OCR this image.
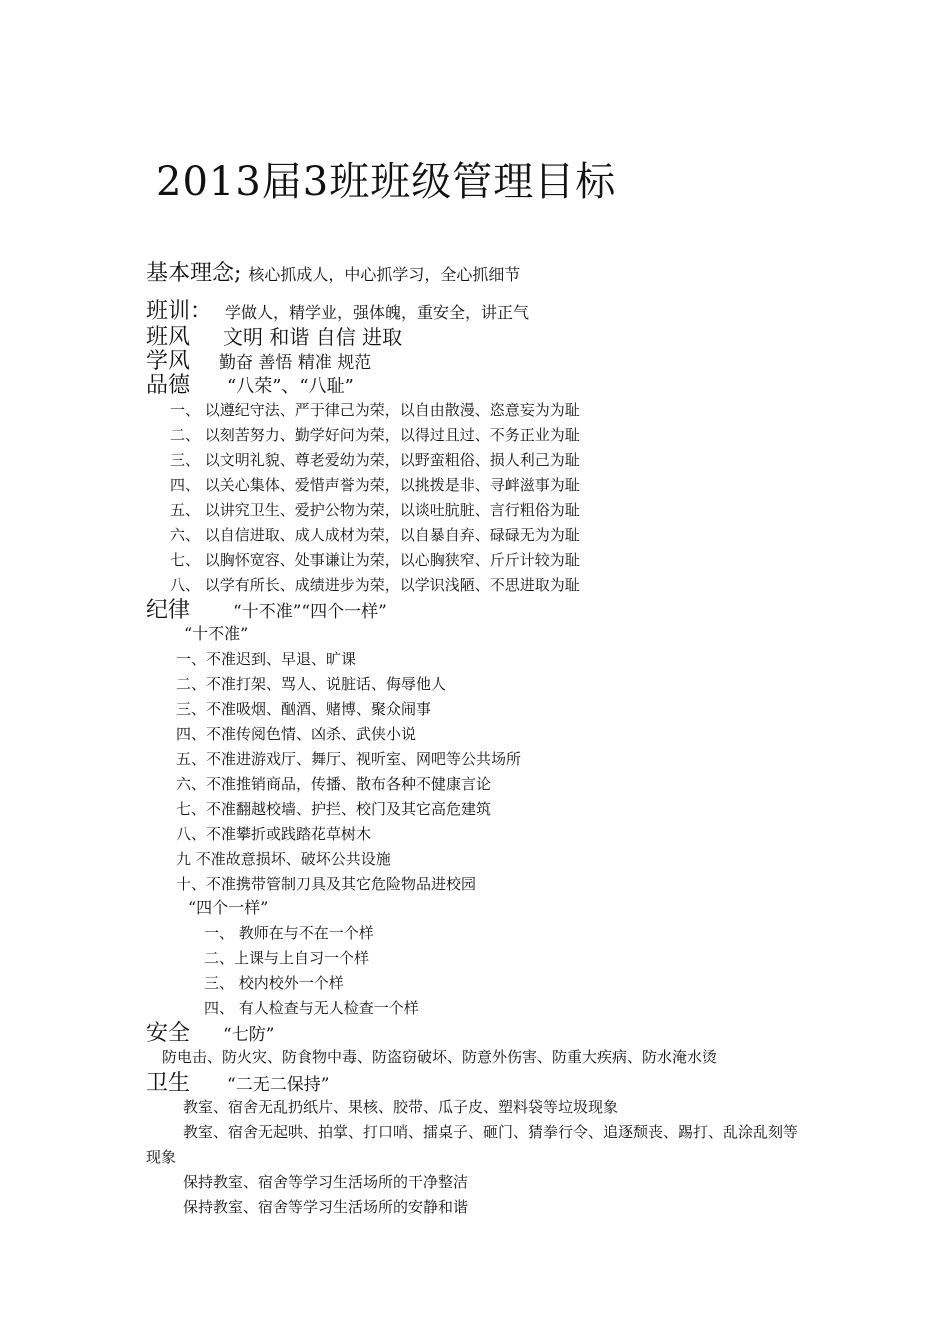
2013届3班班级管理目标
基本理念; 核心抓成人，中心抓学习，全心抓细节
班训： 学做人，精学业，强体魄，重安全，讲正气
班风 文明 和谐 自信 进取
学风 勤奋 善悟 精准 规范
品德 “八荣”、“八耻”
一、 以遵纪守法、严于律己为荣，以自由散漫、恣意妄为为耻
二、 以刻苦努力、勤学好问为荣，以得过且过、不务正业为耻
三、 以文明礼貌、尊老爱幼为荣，以野蛮粗俗、损人利己为耻
四、 以关心集体、爱惜声誉为荣，以挑拨是非、寻衅滋事为耻
五、 以讲究卫生、爱护公物为荣，以谈吐肮脏、言行粗俗为耻
六、 以自信进取、成人成材为荣，以自暴自弃、碌碌无为为耻
七、 以胸怀宽容、处事谦让为荣，以心胸狭窄、斤斤计较为耻
八、 以学有所长、成绩进步为荣，以学识浅陋、不思进取为耻
纪律	“十不准”“四个一样”
“十不准”
一、不准迟到、早退、旷课
二、不准打架、骂人、说脏话、侮辱他人
三、不准吸烟、酗酒、赌博、聚众闹事
四、不准传阅色情、凶杀、武侠小说
五、不准进游戏厅、舞厅、视听室、网吧等公共场所
六、不准推销商品，传播、散布各种不健康言论
七、不准翻越校墙、护拦、校门及其它高危建筑
八、不准攀折或践踏花草树木
九 不准故意损坏、破坏公共设施
十、不准携带管制刀具及其它危险物品进校园
“四个一样”
一、 教师在与不在一个样
二、上课与上自习一个样
三、 校内校外一个样
四、 有人检查与无人检查一个样
安全 “七防”
防电击、防火灾、防食物中毒、防盗窃破坏、防意外伤害、防重大疾病、防水淹水烫
卫生 “二无二保持”
教室、宿舍无乱扔纸片、果核、胶带、瓜子皮、塑料袋等垃圾现象
教室、宿舍无起哄、拍掌、打口哨、擂桌子、砸门、猜拳行令、追逐颓丧、踢打、乱涂乱刻等
现象
保持教室、宿舍等学习生活场所的干净整洁
保持教室、宿舍等学习生活场所的安静和谐
